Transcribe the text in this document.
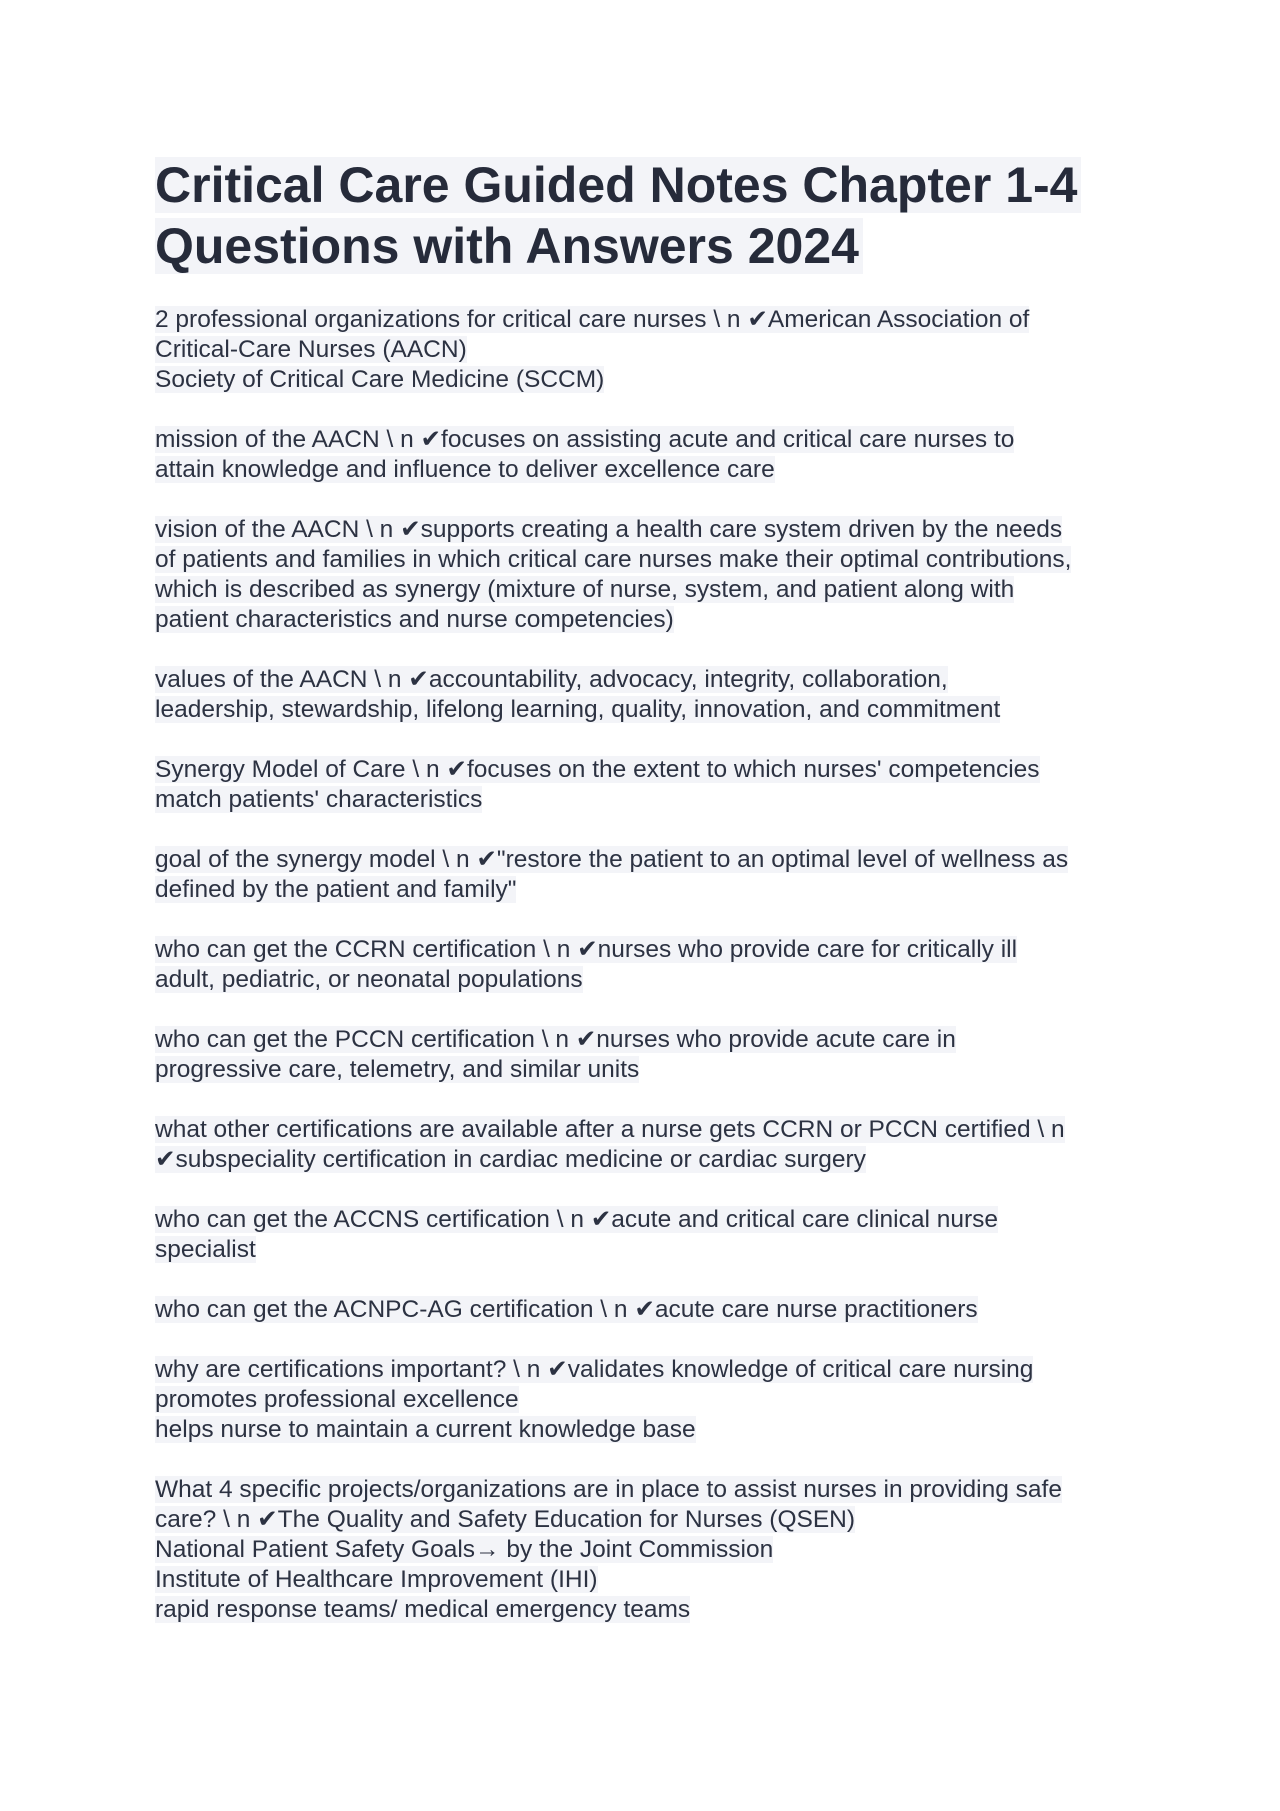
Critical Care Guided Notes Chapter 1-4
Questions with Answers 2024
2 professional organizations for critical care nurses \ n ✔American Association of
Critical-Care Nurses (AACN)
Society of Critical Care Medicine (SCCM)
mission of the AACN \ n ✔focuses on assisting acute and critical care nurses to
attain knowledge and influence to deliver excellence care
vision of the AACN \ n ✔supports creating a health care system driven by the needs
of patients and families in which critical care nurses make their optimal contributions,
which is described as synergy (mixture of nurse, system, and patient along with
patient characteristics and nurse competencies)
values of the AACN \ n ✔accountability, advocacy, integrity, collaboration,
leadership, stewardship, lifelong learning, quality, innovation, and commitment
Synergy Model of Care \ n ✔focuses on the extent to which nurses' competencies
match patients' characteristics
goal of the synergy model \ n ✔"restore the patient to an optimal level of wellness as
defined by the patient and family"
who can get the CCRN certification \ n ✔nurses who provide care for critically ill
adult, pediatric, or neonatal populations
who can get the PCCN certification \ n ✔nurses who provide acute care in
progressive care, telemetry, and similar units
what other certifications are available after a nurse gets CCRN or PCCN certified \ n
✔subspeciality certification in cardiac medicine or cardiac surgery
who can get the ACCNS certification \ n ✔acute and critical care clinical nurse
specialist
who can get the ACNPC-AG certification \ n ✔acute care nurse practitioners
why are certifications important? \ n ✔validates knowledge of critical care nursing
promotes professional excellence
helps nurse to maintain a current knowledge base
What 4 specific projects/organizations are in place to assist nurses in providing safe
care? \ n ✔The Quality and Safety Education for Nurses (QSEN)
National Patient Safety Goals→ by the Joint Commission
Institute of Healthcare Improvement (IHI)
rapid response teams/ medical emergency teams
